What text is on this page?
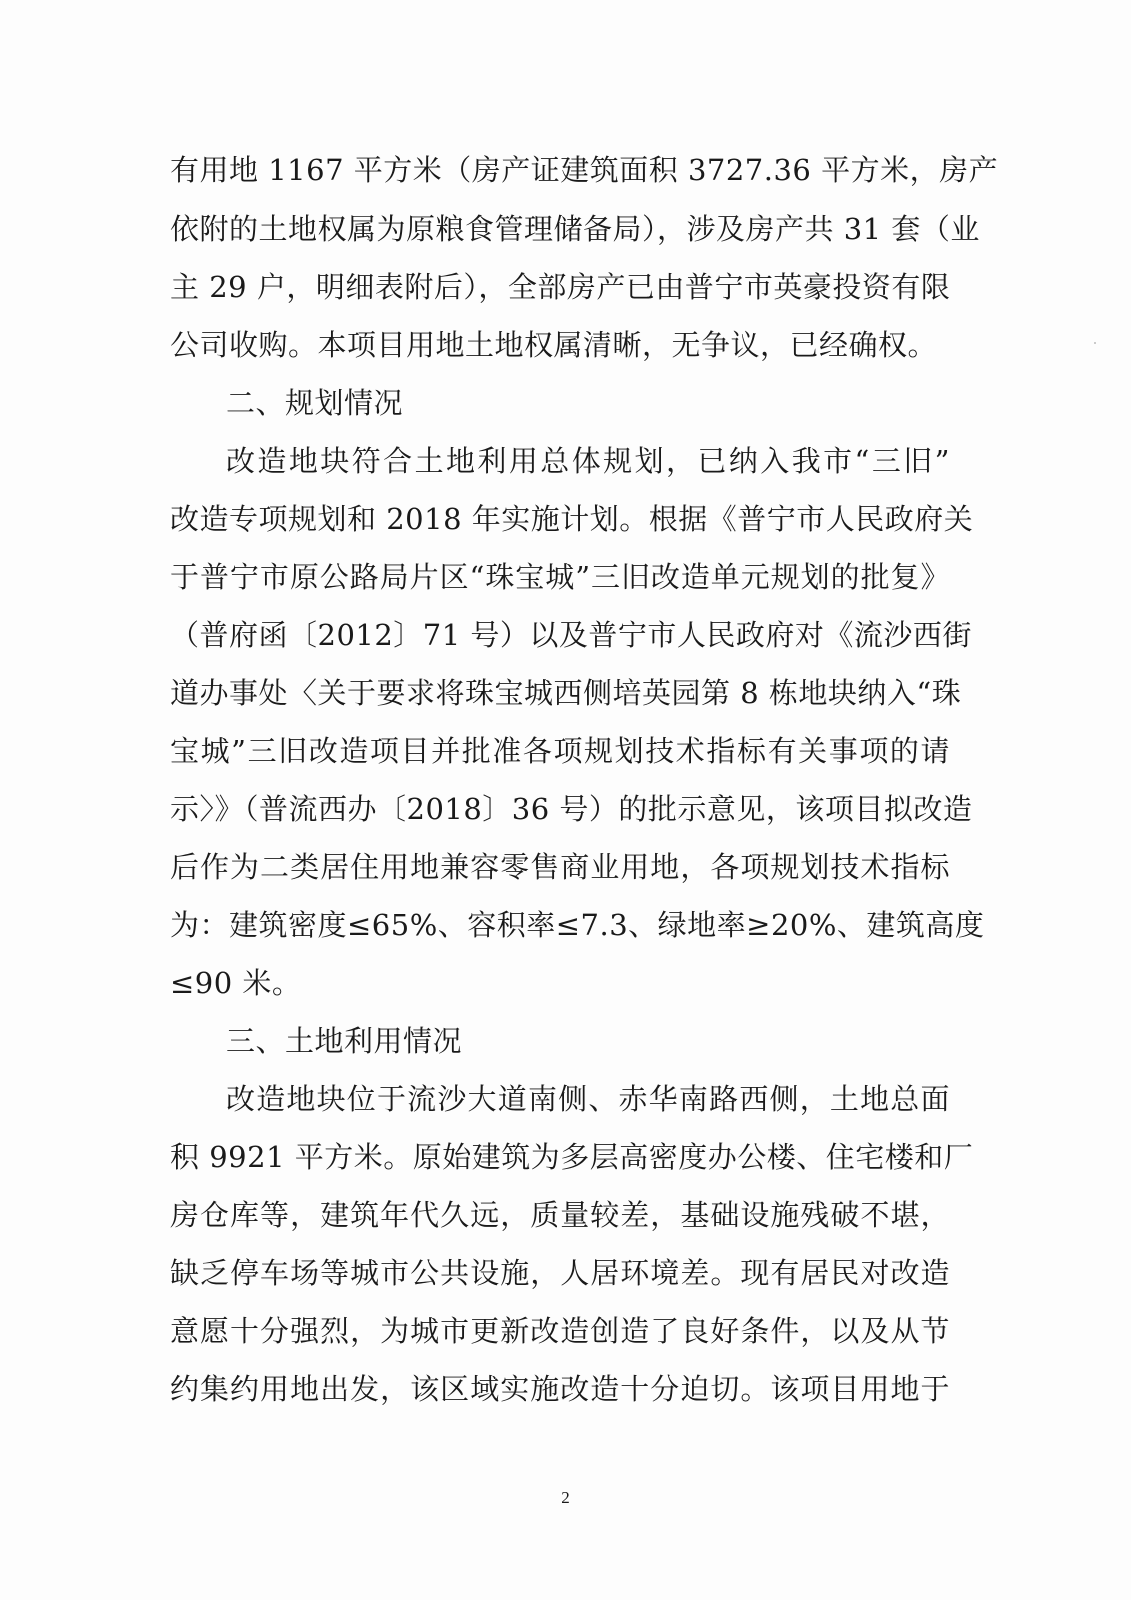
有用地 1167 平方米（房产证建筑面积 3727.36 平方米，房产
依附的土地权属为原粮食管理储备局），涉及房产共 31 套（业
主 29 户，明细表附后），全部房产已由普宁市英豪投资有限
公司收购。本项目用地土地权属清晰，无争议，已经确权。
二、规划情况
改造地块符合土地利用总体规划，已纳入我市“三旧”
改造专项规划和 2018 年实施计划。根据《普宁市人民政府关
于普宁市原公路局片区“珠宝城”三旧改造单元规划的批复》
（普府函〔2012〕71 号）以及普宁市人民政府对《流沙西街
道办事处〈关于要求将珠宝城西侧培英园第 8 栋地块纳入“珠
宝城”三旧改造项目并批准各项规划技术指标有关事项的请
示〉》（普流西办〔2018〕36 号）的批示意见，该项目拟改造
后作为二类居住用地兼容零售商业用地，各项规划技术指标
为：建筑密度≤65%、容积率≤7.3、绿地率≥20%、建筑高度
≤90 米。
三、土地利用情况
改造地块位于流沙大道南侧、赤华南路西侧，土地总面
积 9921 平方米。原始建筑为多层高密度办公楼、住宅楼和厂
房仓库等，建筑年代久远，质量较差，基础设施残破不堪，
缺乏停车场等城市公共设施，人居环境差。现有居民对改造
意愿十分强烈，为城市更新改造创造了良好条件，以及从节
约集约用地出发，该区域实施改造十分迫切。该项目用地于
2
